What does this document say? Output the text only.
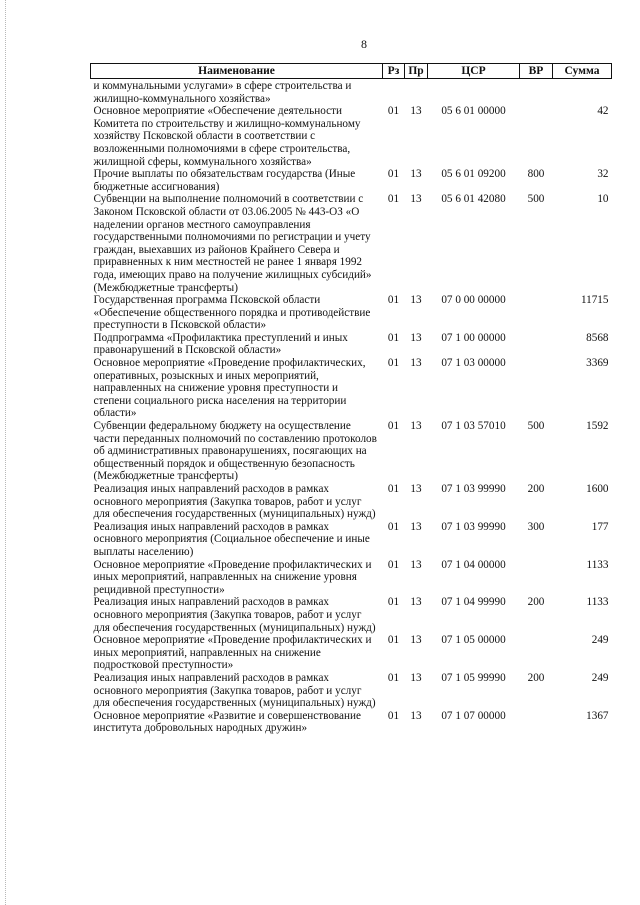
8
Наименование	Рз	Пр	ЦСР	ВР	Сумма
и коммунальными услугами» в сфере строительства и жилищно-коммунального хозяйства»					
Основное мероприятие «Обеспечение деятельности Комитета по строительству и жилищно-коммунальному хозяйству Псковской области в соответствии с возложенными полномочиями в сфере строительства, жилищной сферы, коммунального хозяйства»	01	13	05 6 01 00000		42
Прочие выплаты по обязательствам государства (Иные бюджетные ассигнования)	01	13	05 6 01 09200	800	32
Субвенции на выполнение полномочий в соответствии с Законом Псковской области от 03.06.2005 № 443-ОЗ «О наделении органов местного самоуправления государственными полномочиями по регистрации и учету граждан, выехавших из районов Крайнего Севера и приравненных к ним местностей не ранее 1 января 1992 года, имеющих право на получение жилищных субсидий» (Межбюджетные трансферты)	01	13	05 6 01 42080	500	10
Государственная программа Псковской области «Обеспечение общественного порядка и противодействие преступности в Псковской области»	01	13	07 0 00 00000		11715
Подпрограмма «Профилактика преступлений и иных правонарушений в Псковской области»	01	13	07 1 00 00000		8568
Основное мероприятие «Проведение профилактических, оперативных, розыскных и иных мероприятий, направленных на снижение уровня преступности и степени социального риска населения на территории области»	01	13	07 1 03 00000		3369
Субвенции федеральному бюджету на осуществление части переданных полномочий по составлению протоколов об административных правонарушениях, посягающих на общественный порядок и общественную безопасность (Межбюджетные трансферты)	01	13	07 1 03 57010	500	1592
Реализация иных направлений расходов в рамках основного мероприятия (Закупка товаров, работ и услуг для обеспечения государственных (муниципальных) нужд)	01	13	07 1 03 99990	200	1600
Реализация иных направлений расходов в рамках основного мероприятия (Социальное обеспечение и иные выплаты населению)	01	13	07 1 03 99990	300	177
Основное мероприятие «Проведение профилактических и иных мероприятий, направленных на снижение уровня рецидивной преступности»	01	13	07 1 04 00000		1133
Реализация иных направлений расходов в рамках основного мероприятия (Закупка товаров, работ и услуг для обеспечения государственных (муниципальных) нужд)	01	13	07 1 04 99990	200	1133
Основное мероприятие «Проведение профилактических и иных мероприятий, направленных на снижение подростковой преступности»	01	13	07 1 05 00000		249
Реализация иных направлений расходов в рамках основного мероприятия (Закупка товаров, работ и услуг для обеспечения государственных (муниципальных) нужд)	01	13	07 1 05 99990	200	249
Основное мероприятие «Развитие и совершенствование института добровольных народных дружин»	01	13	07 1 07 00000		1367
